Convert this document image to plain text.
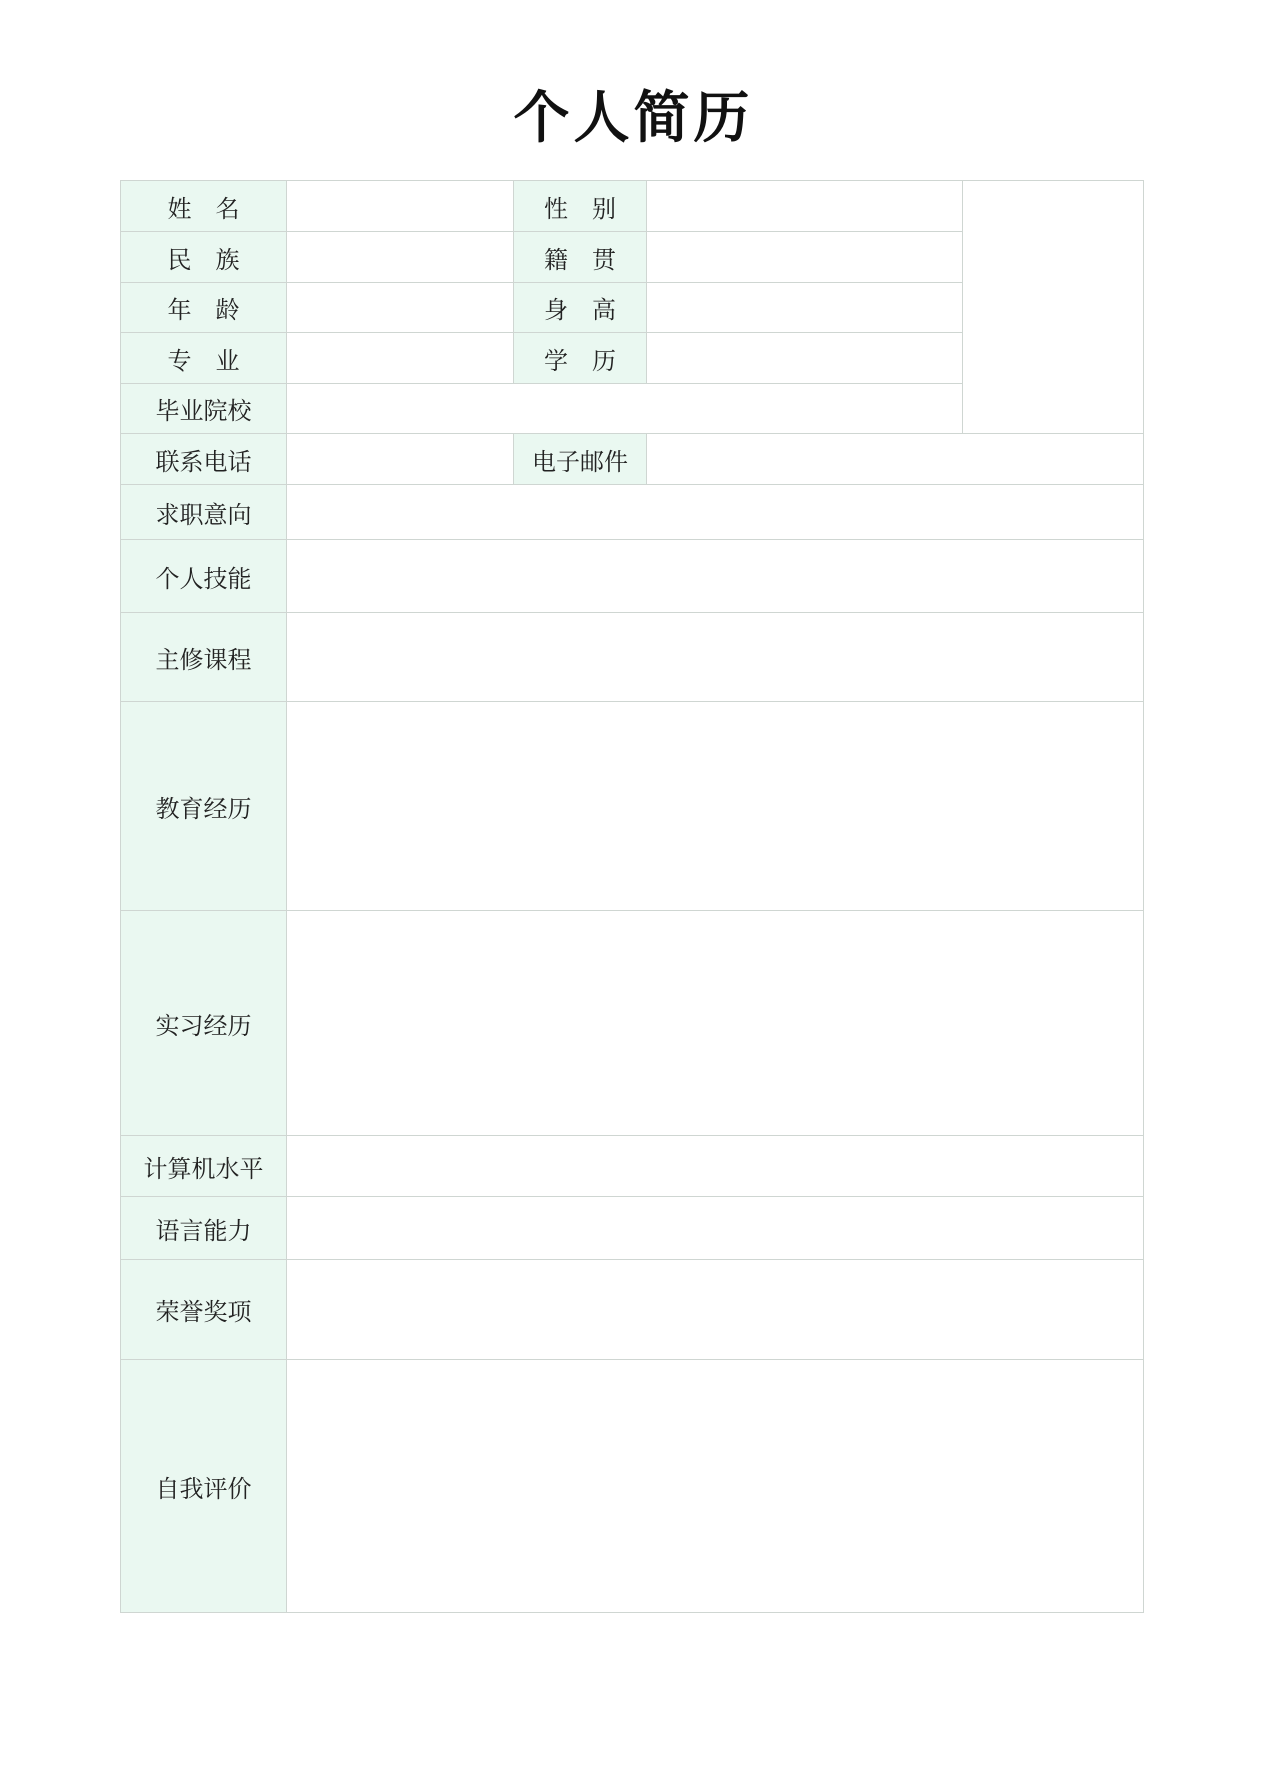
个人简历
姓　名		性　别		
民　族		籍　贯		
年　龄		身　高		
专　业		学　历		
毕业院校				
联系电话		电子邮件		
求职意向				
个人技能				
主修课程				
教育经历				
实习经历				
计算机水平				
语言能力				
荣誉奖项				
自我评价				
